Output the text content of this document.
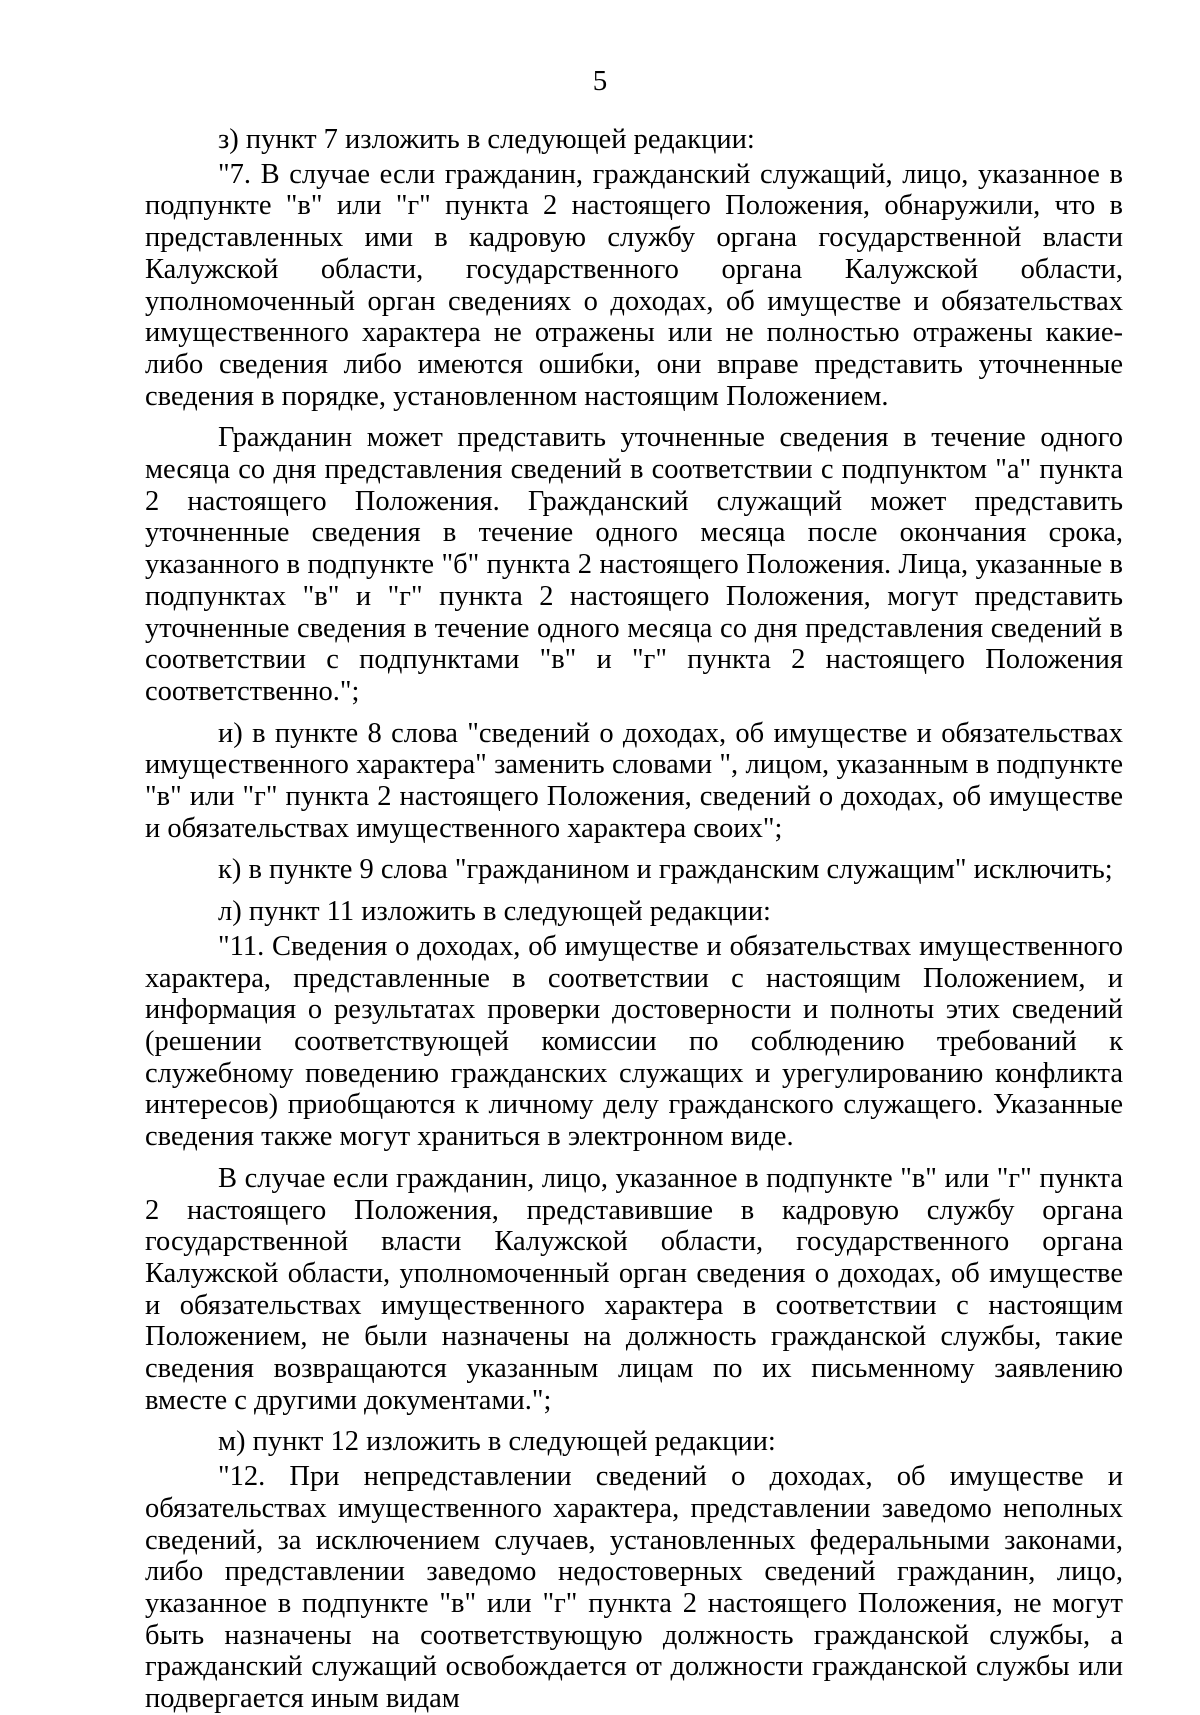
5

з) пункт 7 изложить в следующей редакции:

"7. В случае если гражданин, гражданский служащий, лицо, указанное в подпункте "в" или "г" пункта 2 настоящего Положения, обнаружили, что в представленных ими в кадровую службу органа государственной власти Калужской области, государственного органа Калужской области, уполномоченный орган сведениях о доходах, об имуществе и обязательствах имущественного характера не отражены или не полностью отражены какие-либо сведения либо имеются ошибки, они вправе представить уточненные сведения в порядке, установленном настоящим Положением.

Гражданин может представить уточненные сведения в течение одного месяца со дня представления сведений в соответствии с подпунктом "а" пункта 2 настоящего Положения. Гражданский служащий может представить уточненные сведения в течение одного месяца после окончания срока, указанного в подпункте "б" пункта 2 настоящего Положения. Лица, указанные в подпунктах "в" и "г" пункта 2 настоящего Положения, могут представить уточненные сведения в течение одного месяца со дня представления сведений в соответствии с подпунктами "в" и "г" пункта 2 настоящего Положения соответственно.";

и) в пункте 8 слова "сведений о доходах, об имуществе и обязательствах имущественного характера" заменить словами ", лицом, указанным в подпункте "в" или "г" пункта 2 настоящего Положения, сведений о доходах, об имуществе и обязательствах имущественного характера своих";

к) в пункте 9 слова "гражданином и гражданским служащим" исключить;

л) пункт 11 изложить в следующей редакции:

"11. Сведения о доходах, об имуществе и обязательствах имущественного характера, представленные в соответствии с настоящим Положением, и информация о результатах проверки достоверности и полноты этих сведений (решении соответствующей комиссии по соблюдению требований к служебному поведению гражданских служащих и урегулированию конфликта интересов) приобщаются к личному делу гражданского служащего. Указанные сведения также могут храниться в электронном виде.

В случае если гражданин, лицо, указанное в подпункте "в" или "г" пункта 2 настоящего Положения, представившие в кадровую службу органа государственной власти Калужской области, государственного органа Калужской области, уполномоченный орган сведения о доходах, об имуществе и обязательствах имущественного характера в соответствии с настоящим Положением, не были назначены на должность гражданской службы, такие сведения возвращаются указанным лицам по их письменному заявлению вместе с другими документами.";

м) пункт 12 изложить в следующей редакции:

"12. При непредставлении сведений о доходах, об имуществе и обязательствах имущественного характера, представлении заведомо неполных сведений, за исключением случаев, установленных федеральными законами, либо представлении заведомо недостоверных сведений гражданин, лицо, указанное в подпункте "в" или "г" пункта 2 настоящего Положения, не могут быть назначены на соответствующую должность гражданской службы, а гражданский служащий освобождается от должности гражданской службы или подвергается иным видам
